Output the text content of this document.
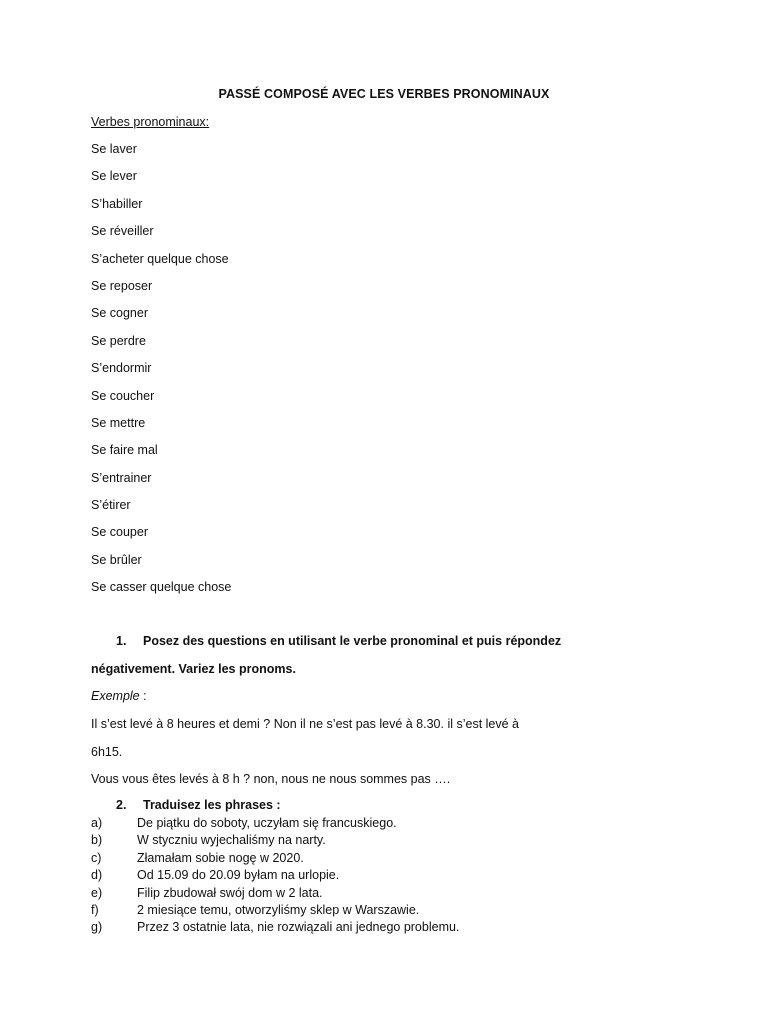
PASSÉ COMPOSÉ AVEC LES VERBES PRONOMINAUX
Verbes pronominaux:
Se laver
Se lever
S’habiller
Se réveiller
S’acheter quelque chose
Se reposer
Se cogner
Se perdre
S’endormir
Se coucher
Se mettre
Se faire mal
S’entrainer
S’étirer
Se couper
Se brûler
Se casser quelque chose
1. Posez des questions en utilisant le verbe pronominal et puis répondez
négativement. Variez les pronoms.
Exemple :
Il s’est levé à 8 heures et demi ? Non il ne s’est pas levé à 8.30. il s’est levé à
6h15.
Vous vous êtes levés à 8 h ? non, nous ne nous sommes pas ….
2. Traduisez les phrases :
a)	De piątku do soboty, uczyłam się francuskiego.
b)	W styczniu wyjechaliśmy na narty.
c)	Złamałam sobie nogę w 2020.
d)	Od 15.09 do 20.09 byłam na urlopie.
e)	Filip zbudował swój dom w 2 lata.
f)	2 miesiące temu, otworzyliśmy sklep w Warszawie.
g)	Przez 3 ostatnie lata, nie rozwiązali ani jednego problemu.
